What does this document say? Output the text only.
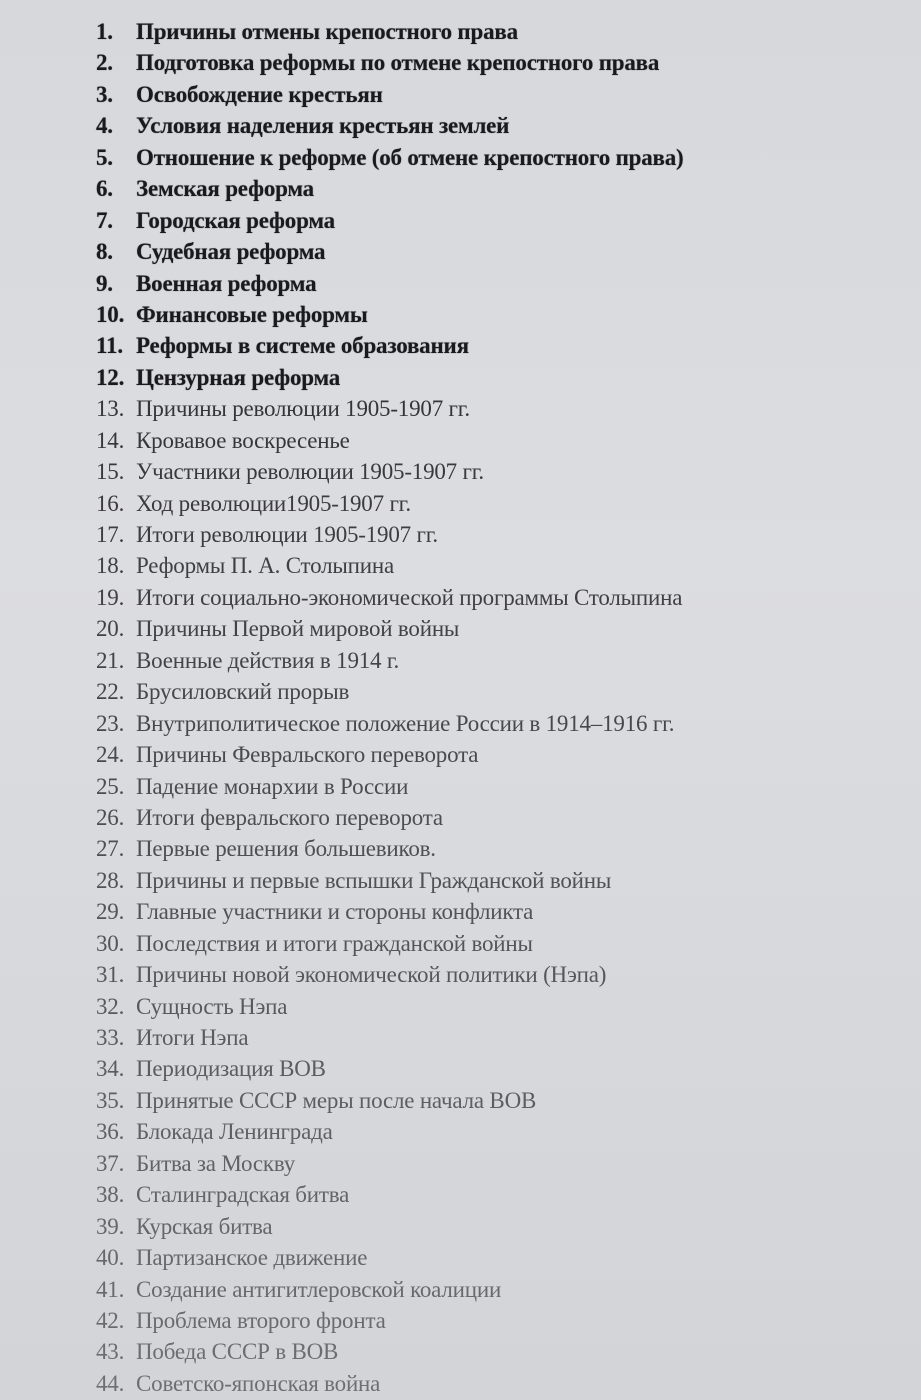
1.	Причины отмены крепостного права
2.	Подготовка реформы по отмене крепостного права
3.	Освобождение крестьян
4.	Условия наделения крестьян землей
5.	Отношение к реформе (об отмене крепостного права)
6.	Земская реформа
7.	Городская реформа
8.	Судебная реформа
9.	Военная реформа
10. Финансовые реформы
11. Реформы в системе образования
12. Цензурная реформа
13. Причины революции 1905-1907 гг.
14. Кровавое воскресенье
15. Участники революции 1905-1907 гг.
16. Ход революции1905-1907 гг.
17. Итоги революции 1905-1907 гг.
18. Реформы П. А. Столыпина
19. Итоги социально-экономической программы Столыпина
20. Причины Первой мировой войны
21. Военные действия в 1914 г.
22. Брусиловский прорыв
23. Внутриполитическое положение России в 1914–1916 гг.
24. Причины Февральского переворота
25. Падение монархии в России
26. Итоги февральского переворота
27. Первые решения большевиков.
28. Причины и первые вспышки Гражданской войны
29. Главные участники и стороны конфликта
30. Последствия и итоги гражданской войны
31. Причины новой экономической политики (Нэпа)
32. Сущность Нэпа
33. Итоги Нэпа
34. Периодизация ВОВ
35. Принятые СССР меры после начала ВОВ
36. Блокада Ленинграда
37. Битва за Москву
38. Сталинградская битва
39. Курская битва
40. Партизанское движение
41. Создание антигитлеровской коалиции
42. Проблема второго фронта
43. Победа СССР в ВОВ
44. Советско-японская война
